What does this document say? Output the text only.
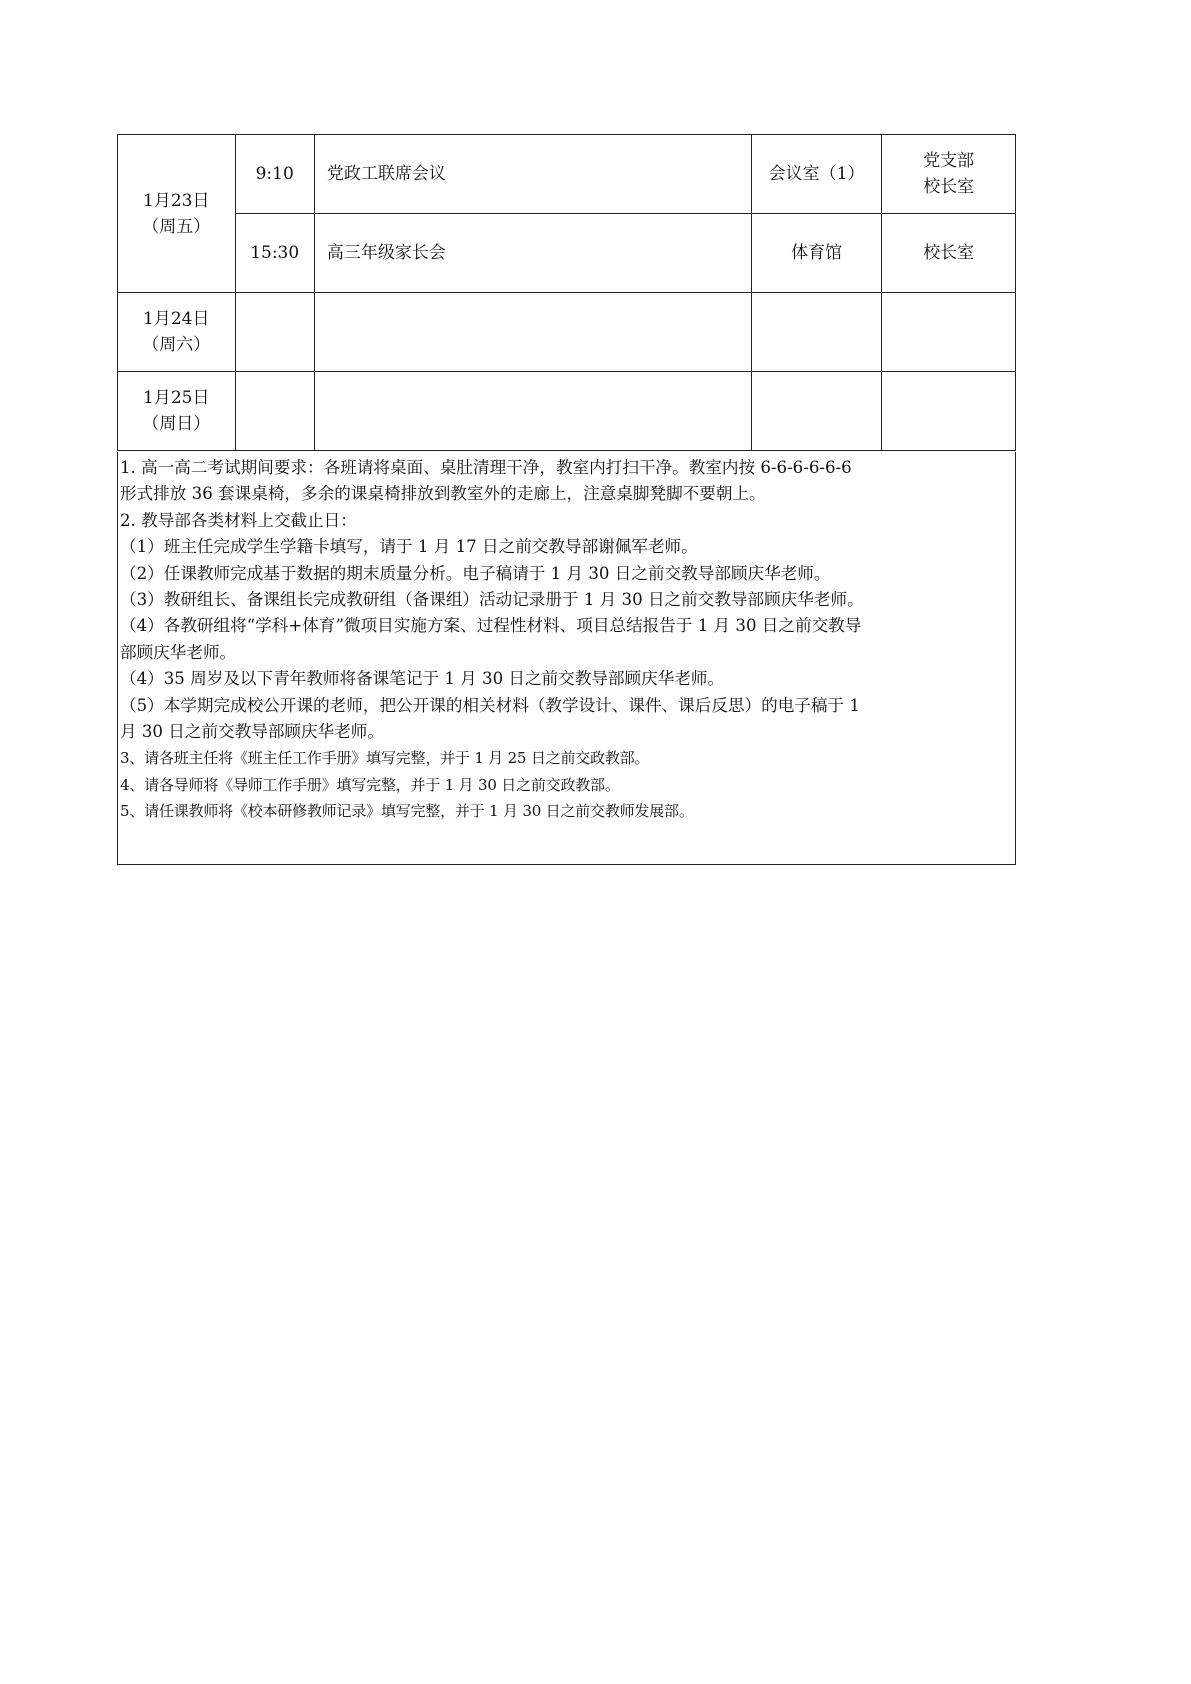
1月23日
（周五）	9:10	党政工联席会议	会议室（1）	党支部
校长室

	15:30	高三年级家长会	体育馆	校长室

1月24日
（周六）				

1月25日
（周日）				

1. 高一高二考试期间要求：各班请将桌面、桌肚清理干净，教室内打扫干净。教室内按 6-6-6-6-6-6

形式排放 36 套课桌椅，多余的课桌椅排放到教室外的走廊上，注意桌脚凳脚不要朝上。

2. 教导部各类材料上交截止日：

（1）班主任完成学生学籍卡填写，请于 1 月 17 日之前交教导部谢佩军老师。

（2）任课教师完成基于数据的期末质量分析。电子稿请于 1 月 30 日之前交教导部顾庆华老师。

（3）教研组长、备课组长完成教研组（备课组）活动记录册于 1 月 30 日之前交教导部顾庆华老师。

（4）各教研组将“学科+体育”微项目实施方案、过程性材料、项目总结报告于 1 月 30 日之前交教导

部顾庆华老师。

（4）35 周岁及以下青年教师将备课笔记于 1 月 30 日之前交教导部顾庆华老师。

（5）本学期完成校公开课的老师，把公开课的相关材料（教学设计、课件、课后反思）的电子稿于 1

月 30 日之前交教导部顾庆华老师。

3、请各班主任将《班主任工作手册》填写完整，并于 1 月 25 日之前交政教部。

4、请各导师将《导师工作手册》填写完整，并于 1 月 30 日之前交政教部。

5、请任课教师将《校本研修教师记录》填写完整，并于 1 月 30 日之前交教师发展部。
